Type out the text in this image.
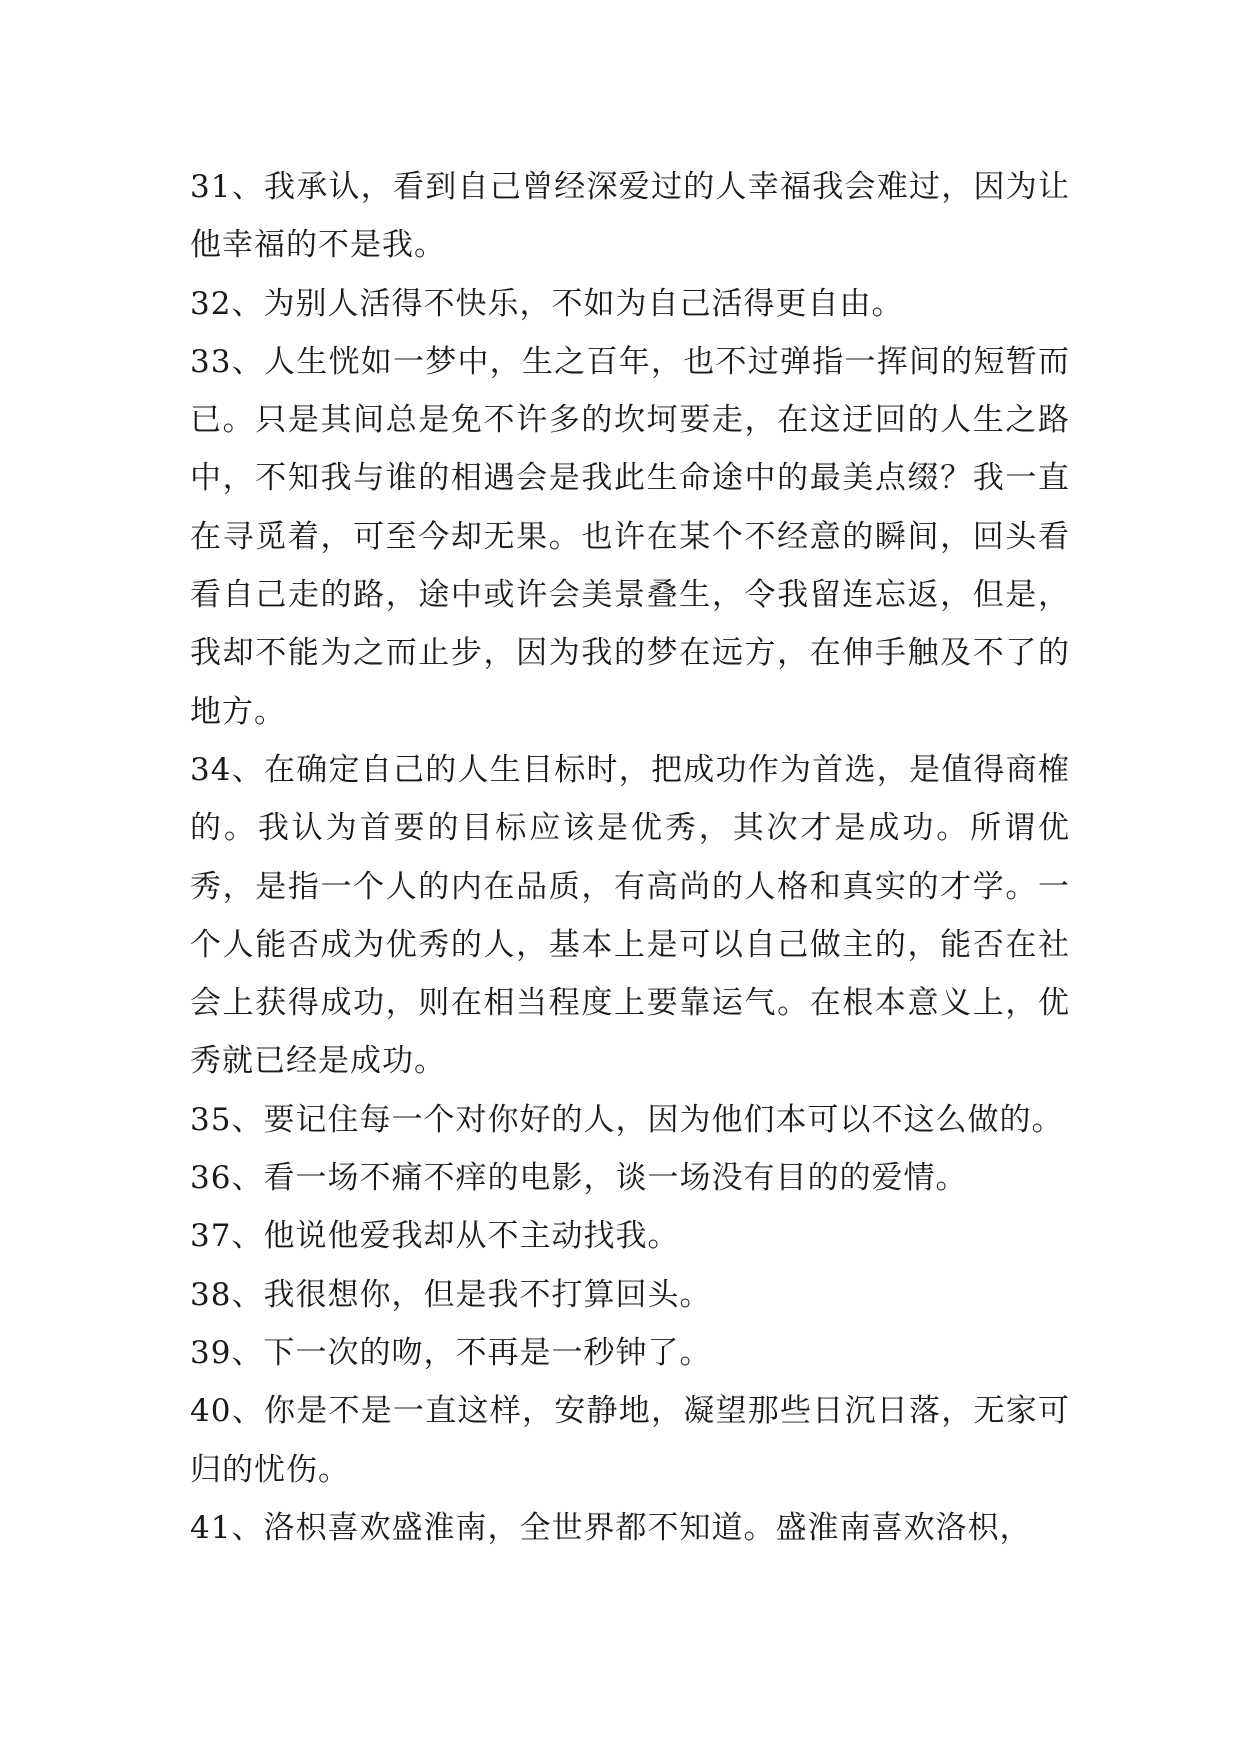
31、我承认，看到自己曾经深爱过的人幸福我会难过，因为让他幸福的不是我。

32、为别人活得不快乐，不如为自己活得更自由。

33、人生恍如一梦中，生之百年，也不过弹指一挥间的短暂而已。只是其间总是免不许多的坎坷要走，在这迂回的人生之路中，不知我与谁的相遇会是我此生命途中的最美点缀？我一直在寻觅着，可至今却无果。也许在某个不经意的瞬间，回头看看自己走的路，途中或许会美景叠生，令我留连忘返，但是，我却不能为之而止步，因为我的梦在远方，在伸手触及不了的地方。

34、在确定自己的人生目标时，把成功作为首选，是值得商榷的。我认为首要的目标应该是优秀，其次才是成功。所谓优秀，是指一个人的内在品质，有高尚的人格和真实的才学。一个人能否成为优秀的人，基本上是可以自己做主的，能否在社会上获得成功，则在相当程度上要靠运气。在根本意义上，优秀就已经是成功。

35、要记住每一个对你好的人，因为他们本可以不这么做的。

36、看一场不痛不痒的电影，谈一场没有目的的爱情。

37、他说他爱我却从不主动找我。

38、我很想你，但是我不打算回头。

39、下一次的吻，不再是一秒钟了。

40、你是不是一直这样，安静地，凝望那些日沉日落，无家可归的忧伤。

41、洛枳喜欢盛淮南，全世界都不知道。盛淮南喜欢洛枳，
